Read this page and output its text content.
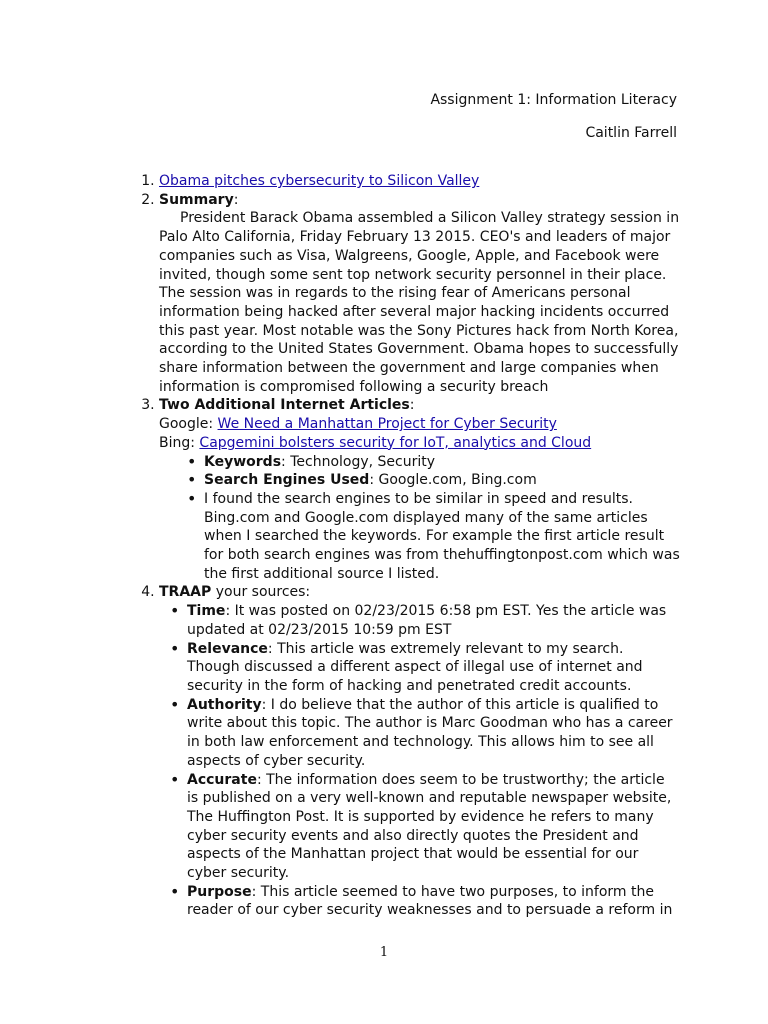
Assignment 1: Information Literacy
Caitlin Farrell
1. Obama pitches cybersecurity to Silicon Valley
2. Summary:
President Barack Obama assembled a Silicon Valley strategy session in Palo Alto California, Friday February 13 2015. CEO's and leaders of major companies such as Visa, Walgreens, Google, Apple, and Facebook were invited, though some sent top network security personnel in their place. The session was in regards to the rising fear of Americans personal information being hacked after several major hacking incidents occurred this past year. Most notable was the Sony Pictures hack from North Korea, according to the United States Government. Obama hopes to successfully share information between the government and large companies when information is compromised following a security breach
3. Two Additional Internet Articles:
Google: We Need a Manhattan Project for Cyber Security
Bing: Capgemini bolsters security for IoT, analytics and Cloud
• Keywords: Technology, Security
• Search Engines Used: Google.com, Bing.com
• I found the search engines to be similar in speed and results. Bing.com and Google.com displayed many of the same articles when I searched the keywords. For example the first article result for both search engines was from thehuffingtonpost.com which was the first additional source I listed.
4. TRAAP your sources:
• Time: It was posted on 02/23/2015 6:58 pm EST. Yes the article was updated at 02/23/2015 10:59 pm EST
• Relevance: This article was extremely relevant to my search. Though discussed a different aspect of illegal use of internet and security in the form of hacking and penetrated credit accounts.
• Authority: I do believe that the author of this article is qualified to write about this topic. The author is Marc Goodman who has a career in both law enforcement and technology. This allows him to see all aspects of cyber security.
• Accurate: The information does seem to be trustworthy; the article is published on a very well-known and reputable newspaper website, The Huffington Post. It is supported by evidence he refers to many cyber security events and also directly quotes the President and aspects of the Manhattan project that would be essential for our cyber security.
• Purpose: This article seemed to have two purposes, to inform the reader of our cyber security weaknesses and to persuade a reform in
1
